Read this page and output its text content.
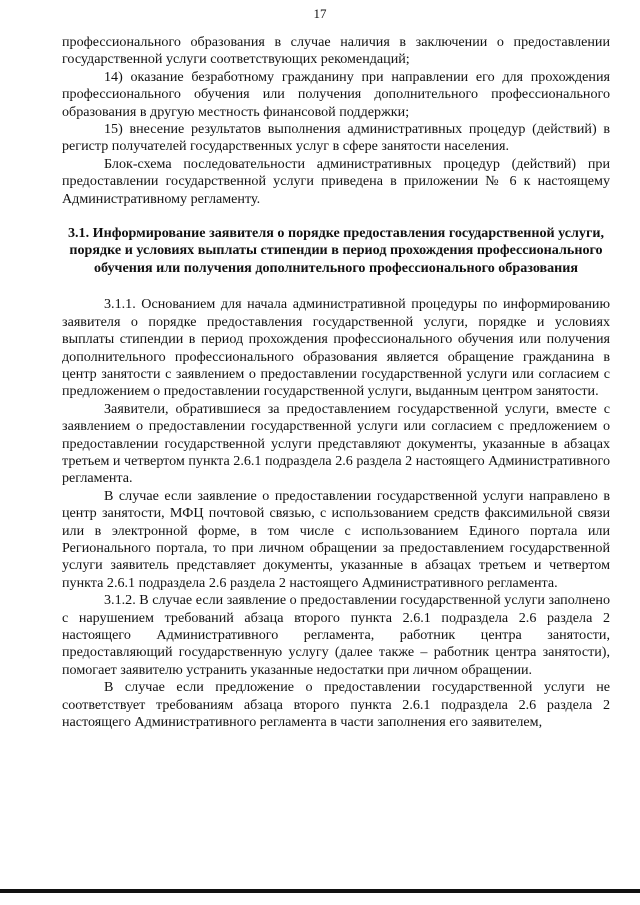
17

профессионального образования в случае наличия в заключении о предоставлении государственной услуги соответствующих рекомендаций;

14) оказание безработному гражданину при направлении его для прохождения профессионального обучения или получения дополнительного профессионального образования в другую местность финансовой поддержки;

15) внесение результатов выполнения административных процедур (действий) в регистр получателей государственных услуг в сфере занятости населения.

Блок-схема последовательности административных процедур (действий) при предоставлении государственной услуги приведена в приложении № 6 к настоящему Административному регламенту.

3.1. Информирование заявителя о порядке предоставления государственной услуги, порядке и условиях выплаты стипендии в период прохождения профессионального обучения или получения дополнительного профессионального образования

3.1.1. Основанием для начала административной процедуры по информированию заявителя о порядке предоставления государственной услуги, порядке и условиях выплаты стипендии в период прохождения профессионального обучения или получения дополнительного профессионального образования является обращение гражданина в центр занятости с заявлением о предоставлении государственной услуги или согласием с предложением о предоставлении государственной услуги, выданным центром занятости.

Заявители, обратившиеся за предоставлением государственной услуги, вместе с заявлением о предоставлении государственной услуги или согласием с предложением о предоставлении государственной услуги представляют документы, указанные в абзацах третьем и четвертом пункта 2.6.1 подраздела 2.6 раздела 2 настоящего Административного регламента.

В случае если заявление о предоставлении государственной услуги направлено в центр занятости, МФЦ почтовой связью, с использованием средств факсимильной связи или в электронной форме, в том числе с использованием Единого портала или Регионального портала, то при личном обращении за предоставлением государственной услуги заявитель представляет документы, указанные в абзацах третьем и четвертом пункта 2.6.1 подраздела 2.6 раздела 2 настоящего Административного регламента.

3.1.2. В случае если заявление о предоставлении государственной услуги заполнено с нарушением требований абзаца второго пункта 2.6.1 подраздела 2.6 раздела 2 настоящего Административного регламента, работник центра занятости, предоставляющий государственную услугу (далее также – работник центра занятости), помогает заявителю устранить указанные недостатки при личном обращении.

В случае если предложение о предоставлении государственной услуги не соответствует требованиям абзаца второго пункта 2.6.1 подраздела 2.6 раздела 2 настоящего Административного регламента в части заполнения его заявителем,
